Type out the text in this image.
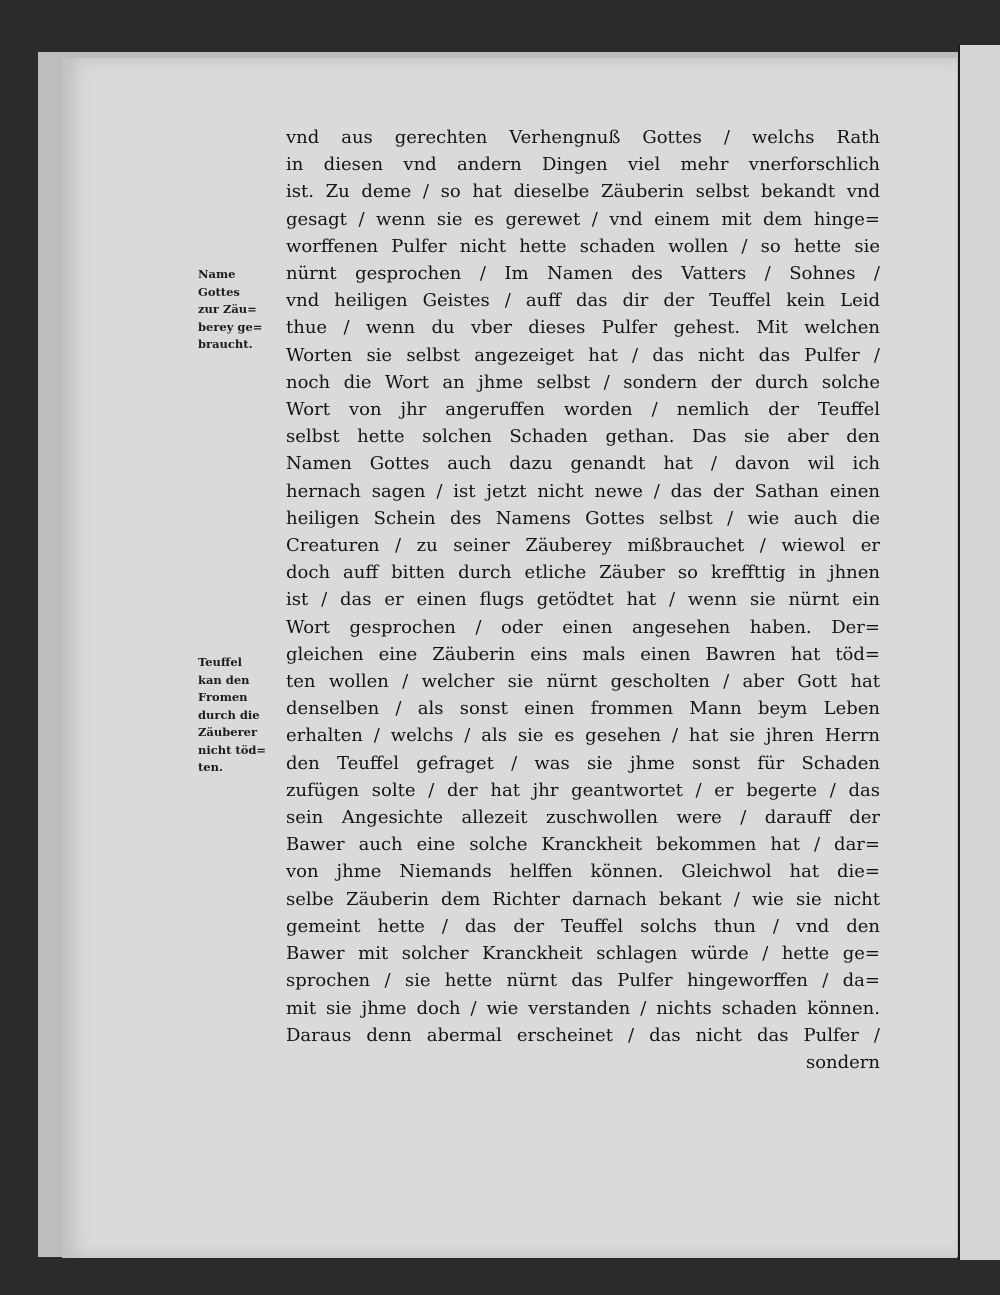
Name
Gottes
zur Zäu=
berey ge=
braucht.
Teuffel
kan den
Fromen
durch die
Zäuberer
nicht töd=
ten.
vnd aus gerechten Verhengnuß Gottes / welchs Rath
in diesen vnd andern Dingen viel mehr vnerforschlich
ist. Zu deme / so hat dieselbe Zäuberin selbst bekandt vnd
gesagt / wenn sie es gerewet / vnd einem mit dem hinge=
worffenen Pulfer nicht hette schaden wollen / so hette sie
nürnt gesprochen / Im Namen des Vatters / Sohnes /
vnd heiligen Geistes / auff das dir der Teuffel kein Leid
thue / wenn du vber dieses Pulfer gehest. Mit welchen
Worten sie selbst angezeiget hat / das nicht das Pulfer /
noch die Wort an jhme selbst / sondern der durch solche
Wort von jhr angeruffen worden / nemlich der Teuffel
selbst hette solchen Schaden gethan. Das sie aber den
Namen Gottes auch dazu genandt hat / davon wil ich
hernach sagen / ist jetzt nicht newe / das der Sathan einen
heiligen Schein des Namens Gottes selbst / wie auch die
Creaturen / zu seiner Zäuberey mißbrauchet / wiewol er
doch auff bitten durch etliche Zäuber so kreffttig in jhnen
ist / das er einen flugs getödtet hat / wenn sie nürnt ein
Wort gesprochen / oder einen angesehen haben. Der=
gleichen eine Zäuberin eins mals einen Bawren hat töd=
ten wollen / welcher sie nürnt gescholten / aber Gott hat
denselben / als sonst einen frommen Mann beym Leben
erhalten / welchs / als sie es gesehen / hat sie jhren Herrn
den Teuffel gefraget / was sie jhme sonst für Schaden
zufügen solte / der hat jhr geantwortet / er begerte / das
sein Angesichte allezeit zuschwollen were / darauff der
Bawer auch eine solche Kranckheit bekommen hat / dar=
von jhme Niemands helffen können. Gleichwol hat die=
selbe Zäuberin dem Richter darnach bekant / wie sie nicht
gemeint hette / das der Teuffel solchs thun / vnd den
Bawer mit solcher Kranckheit schlagen würde / hette ge=
sprochen / sie hette nürnt das Pulfer hingeworffen / da=
mit sie jhme doch / wie verstanden / nichts schaden können.
Daraus denn abermal erscheinet / das nicht das Pulfer /
sondern
